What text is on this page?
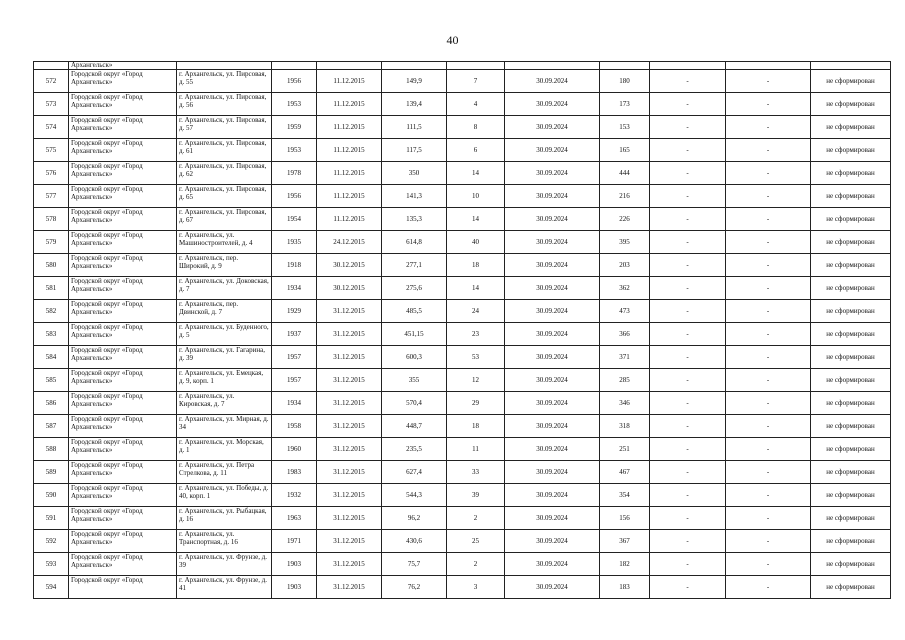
40
	Архангельск»										
572	Городской округ «Город Архангельск»	г. Архангельск, ул. Пирсовая, д. 55	1956	11.12.2015	149,9	7	30.09.2024	180	-	-	не сформирован
573	Городской округ «Город Архангельск»	г. Архангельск, ул. Пирсовая, д. 56	1953	11.12.2015	139,4	4	30.09.2024	173	-	-	не сформирован
574	Городской округ «Город Архангельск»	г. Архангельск, ул. Пирсовая, д. 57	1959	11.12.2015	111,5	8	30.09.2024	153	-	-	не сформирован
575	Городской округ «Город Архангельск»	г. Архангельск, ул. Пирсовая, д. 61	1953	11.12.2015	117,5	6	30.09.2024	165	-	-	не сформирован
576	Городской округ «Город Архангельск»	г. Архангельск, ул. Пирсовая, д. 62	1978	11.12.2015	350	14	30.09.2024	444	-	-	не сформирован
577	Городской округ «Город Архангельск»	г. Архангельск, ул. Пирсовая, д. 65	1956	11.12.2015	141,3	10	30.09.2024	216	-	-	не сформирован
578	Городской округ «Город Архангельск»	г. Архангельск, ул. Пирсовая, д. 67	1954	11.12.2015	135,3	14	30.09.2024	226	-	-	не сформирован
579	Городской округ «Город Архангельск»	г. Архангельск, ул. Машиностроителей, д. 4	1935	24.12.2015	614,8	40	30.09.2024	395	-	-	не сформирован
580	Городской округ «Город Архангельск»	г. Архангельск, пер. Широкий, д. 9	1918	30.12.2015	277,1	18	30.09.2024	203	-	-	не сформирован
581	Городской округ «Город Архангельск»	г. Архангельск, ул. Доковская, д. 7	1934	30.12.2015	275,6	14	30.09.2024	362	-	-	не сформирован
582	Городской округ «Город Архангельск»	г. Архангельск, пер. Двинской, д. 7	1929	31.12.2015	485,5	24	30.09.2024	473	-	-	не сформирован
583	Городской округ «Город Архангельск»	г. Архангельск, ул. Буденного, д. 5	1937	31.12.2015	451,15	23	30.09.2024	366	-	-	не сформирован
584	Городской округ «Город Архангельск»	г. Архангельск, ул. Гагарина, д. 39	1957	31.12.2015	600,3	53	30.09.2024	371	-	-	не сформирован
585	Городской округ «Город Архангельск»	г. Архангельск, ул. Емецкая, д. 9, корп. 1	1957	31.12.2015	355	12	30.09.2024	285	-	-	не сформирован
586	Городской округ «Город Архангельск»	г. Архангельск, ул. Кировская, д. 7	1934	31.12.2015	570,4	29	30.09.2024	346	-	-	не сформирован
587	Городской округ «Город Архангельск»	г. Архангельск, ул. Мирная, д. 34	1958	31.12.2015	448,7	18	30.09.2024	318	-	-	не сформирован
588	Городской округ «Город Архангельск»	г. Архангельск, ул. Морская, д. 1	1960	31.12.2015	235,5	11	30.09.2024	251	-	-	не сформирован
589	Городской округ «Город Архангельск»	г. Архангельск, ул. Петра Стрелкова, д. 11	1983	31.12.2015	627,4	33	30.09.2024	467	-	-	не сформирован
590	Городской округ «Город Архангельск»	г. Архангельск, ул. Победы, д. 40, корп. 1	1932	31.12.2015	544,3	39	30.09.2024	354	-	-	не сформирован
591	Городской округ «Город Архангельск»	г. Архангельск, ул. Рыбацкая, д. 16	1963	31.12.2015	96,2	2	30.09.2024	156	-	-	не сформирован
592	Городской округ «Город Архангельск»	г. Архангельск, ул. Транспортная, д. 16	1971	31.12.2015	430,6	25	30.09.2024	367	-	-	не сформирован
593	Городской округ «Город Архангельск»	г. Архангельск, ул. Фрунзе, д. 39	1903	31.12.2015	75,7	2	30.09.2024	182	-	-	не сформирован
594	Городской округ «Город	г. Архангельск, ул. Фрунзе, д. 41	1903	31.12.2015	76,2	3	30.09.2024	183	-	-	не сформирован
